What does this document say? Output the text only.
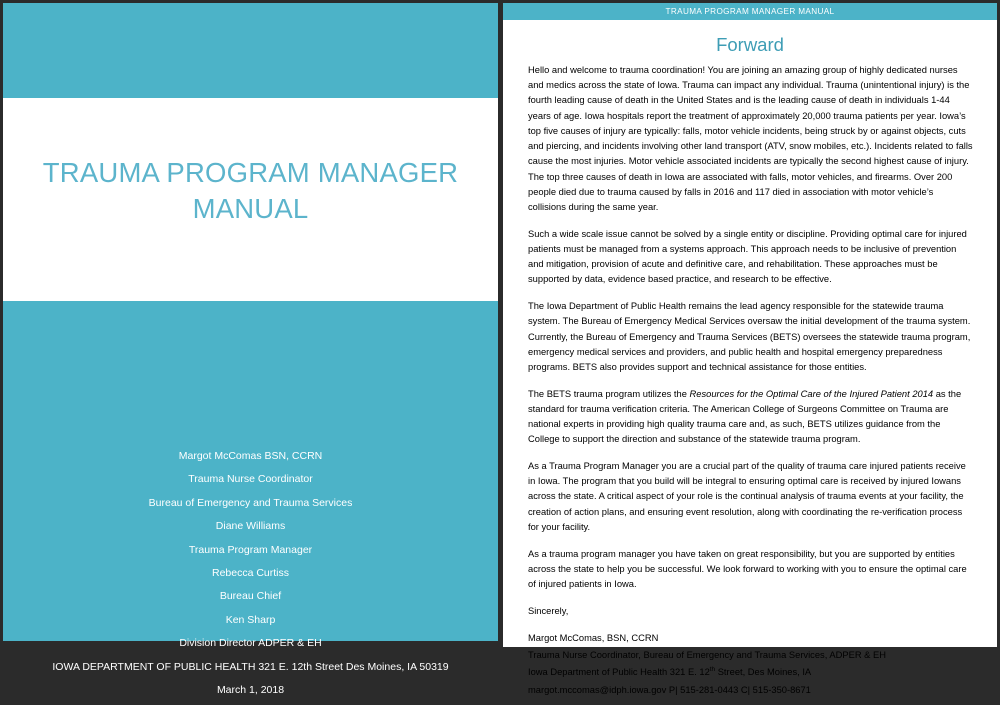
TRAUMA PROGRAM MANAGER MANUAL
Margot McComas BSN, CCRN
Trauma Nurse Coordinator
Bureau of Emergency and Trauma Services
Diane Williams
Trauma Program Manager
Rebecca Curtiss
Bureau Chief
Ken Sharp
Division Director ADPER & EH
IOWA DEPARTMENT OF PUBLIC HEALTH 321 E. 12th Street Des Moines, IA 50319
March 1, 2018
TRAUMA PROGRAM MANAGER MANUAL
Forward

Hello and welcome to trauma coordination! You are joining an amazing group of highly dedicated nurses and medics across the state of Iowa. Trauma can impact any individual. Trauma (unintentional injury) is the fourth leading cause of death in the United States and is the leading cause of death in individuals 1-44 years of age. Iowa hospitals report the treatment of approximately 20,000 trauma patients per year. Iowa’s top five causes of injury are typically: falls, motor vehicle incidents, being struck by or against objects, cuts and piercing, and incidents involving other land transport (ATV, snow mobiles, etc.). Incidents related to falls cause the most injuries. Motor vehicle associated incidents are typically the second highest cause of injury. The top three causes of death in Iowa are associated with falls, motor vehicles, and firearms. Over 200 people died due to trauma caused by falls in 2016 and 117 died in association with motor vehicle’s collisions during the same year.

Such a wide scale issue cannot be solved by a single entity or discipline. Providing optimal care for injured patients must be managed from a systems approach. This approach needs to be inclusive of prevention and mitigation, provision of acute and definitive care, and rehabilitation. These approaches must be supported by data, evidence based practice, and research to be effective.

The Iowa Department of Public Health remains the lead agency responsible for the statewide trauma system. The Bureau of Emergency Medical Services oversaw the initial development of the trauma system. Currently, the Bureau of Emergency and Trauma Services (BETS) oversees the statewide trauma program, emergency medical services and providers, and public health and hospital emergency preparedness programs. BETS also provides support and technical assistance for those entities.

The BETS trauma program utilizes the Resources for the Optimal Care of the Injured Patient 2014 as the standard for trauma verification criteria. The American College of Surgeons Committee on Trauma are national experts in providing high quality trauma care and, as such, BETS utilizes guidance from the College to support the direction and substance of the statewide trauma program.

As a Trauma Program Manager you are a crucial part of the quality of trauma care injured patients receive in Iowa. The program that you build will be integral to ensuring optimal care is received by injured Iowans across the state. A critical aspect of your role is the continual analysis of trauma events at your facility, the creation of action plans, and ensuring event resolution, along with coordinating the re-verification process for your facility.

As a trauma program manager you have taken on great responsibility, but you are supported by entities across the state to help you be successful. We look forward to working with you to ensure the optimal care of injured patients in Iowa.

Sincerely,

Margot McComas, BSN, CCRN

Trauma Nurse Coordinator, Bureau of Emergency and Trauma Services, ADPER & EH

Iowa Department of Public Health 321 E. 12th Street, Des Moines, IA

margot.mccomas@idph.iowa.gov P| 515-281-0443 C| 515-350-8671
